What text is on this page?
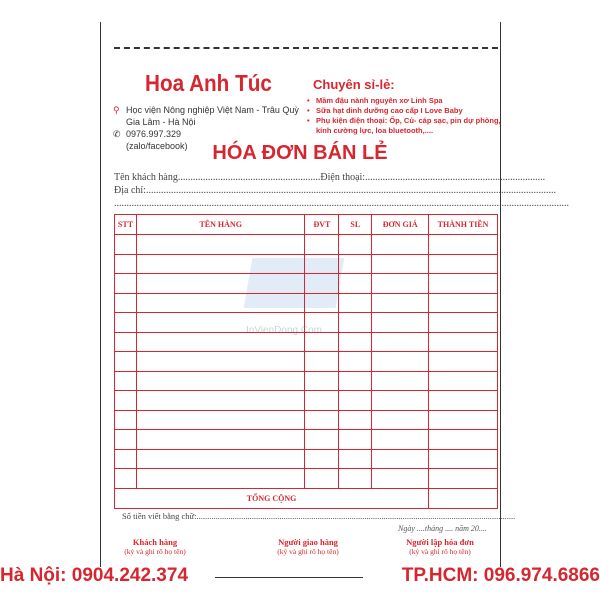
Hoa Anh Túc
⚲ Học viện Nông nghiệp Việt Nam - Trâu Quỳ
Gia Lâm - Hà Nội
✆ 0976.997.329
(zalo/facebook)
Chuyên sỉ-lẻ:
• Mầm đậu nành nguyên xơ Linh Spa
• Sữa hạt dinh dưỡng cao cấp I Love Baby
• Phụ kiện điện thoại: Ốp, Củ- cáp sạc, pin dự phòng, kính cường lực, loa bluetooth,....
HÓA ĐƠN BÁN LẺ
Tên khách hàng.........................................................Điện thoại:........................................................................
Địa chỉ:....................................................................................................................................................................
......................................................................................................................................................................................
InVienDong.Com
STT	TÊN HÀNG	ĐVT	SL	ĐƠN GIÁ	THÀNH TIỀN

TỔNG CỘNG					
Số tiền viết bằng chữ:......................................................................................................................................................
Ngày ....tháng .... năm 20....
Khách hàng
(ký và ghi rõ họ tên)
Người giao hàng
(ký và ghi rõ họ tên)
Người lập hóa đơn
(ký và ghi rõ họ tên)
Hà Nội: 0904.242.374	TP.HCM: 096.974.6866
